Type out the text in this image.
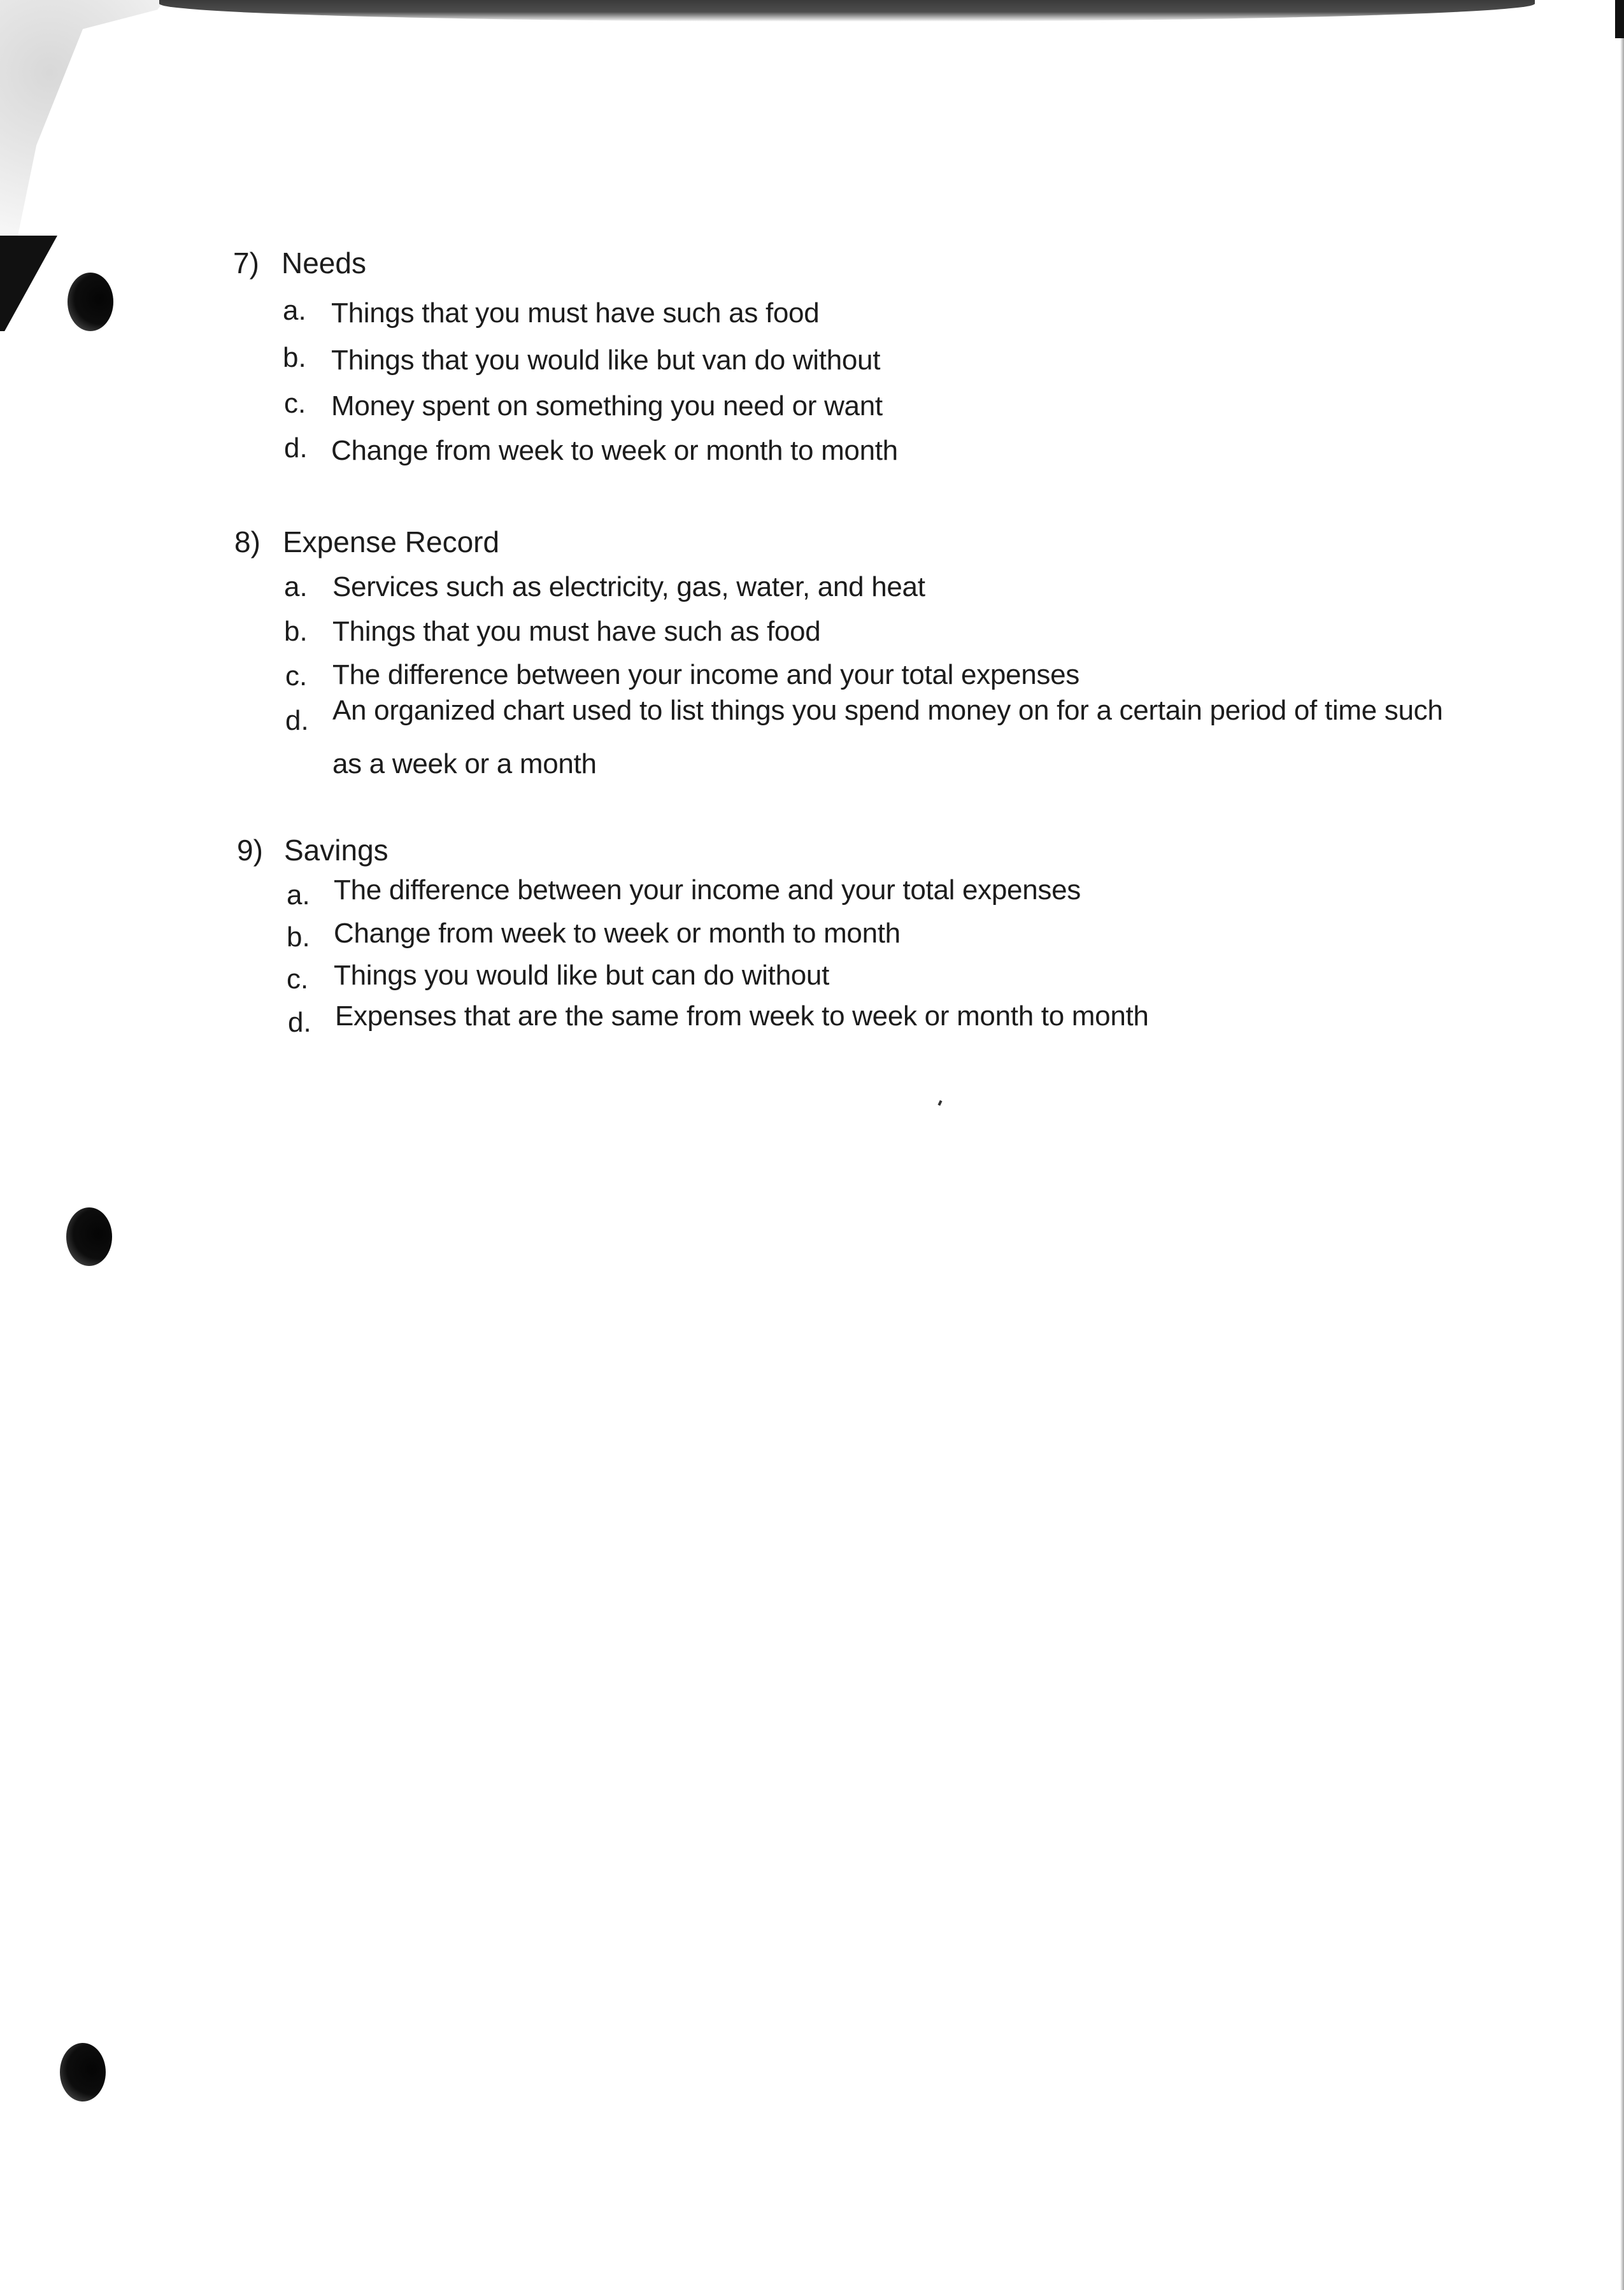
7) Needs
a. Things that you must have such as food
b. Things that you would like but van do without
c. Money spent on something you need or want
d. Change from week to week or month to month
8) Expense Record
a. Services such as electricity, gas, water, and heat
b. Things that you must have such as food
c. The difference between your income and your total expenses
d. An organized chart used to list things you spend money on for a certain period of time such
as a week or a month
9) Savings
a. The difference between your income and your total expenses
b. Change from week to week or month to month
c. Things you would like but can do without
d. Expenses that are the same from week to week or month to month
